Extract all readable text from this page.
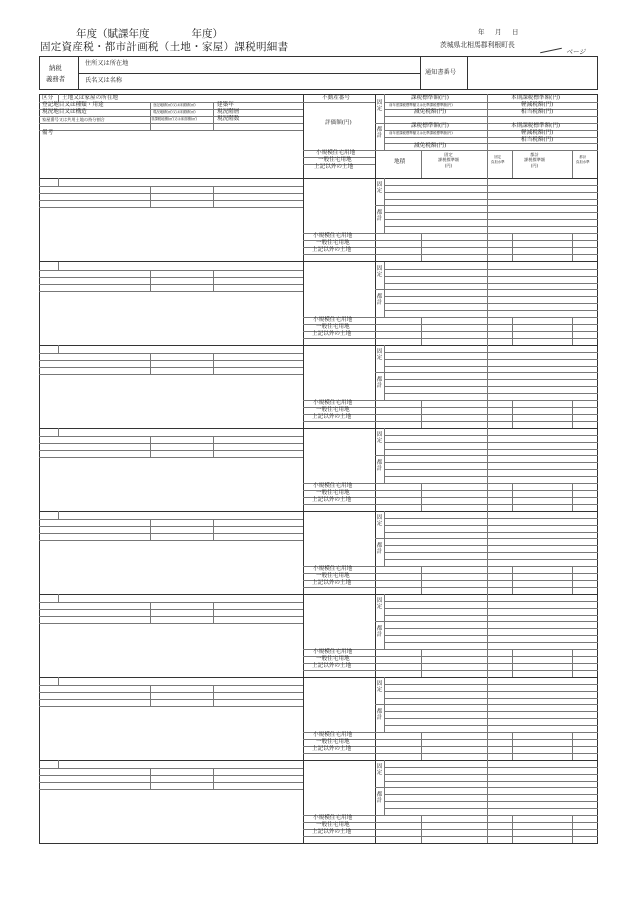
年度（賦課年度　　　　年度）
固定資産税・都市計画税（土地・家屋）課税明細書
年　月　日
茨城県北相馬郡利根町長
ページ
納税
義務者
住所又は所在地
氏名又は名称
通知書番号
区分 土地又は家屋の所在地
登記地目又は種類・用途
現況地目又は構造
家屋番号又は共用土地の持分割合
備考
登記地積(㎡)又は床面積(㎡)
現況地積(㎡)又は床面積(㎡)
非課税地積(㎡)又は床面積(㎡)
建築年
現況階層
現況階数
不動産番号
評価額(円)
小規模住宅用地
一般住宅用地
上記以外の土地
固定
都計
課税標準額(円)
前年度課税標準額又は比準課税標準額(円)
減免税額(円)
課税標準額(円)
前年度課税標準額又は比準課税標準額(円)
減免税額(円)
本則課税標準額(円)
軽減税額(円)
相当税額(円)
本則課税標準額(円)
軽減税額(円)
相当税額(円)
地積
固定
課税標準額
(円)
固定
負担水準
都計
課税標準額
(円)
都計
負担水準
小規模住宅用地
一般住宅用地
上記以外の土地
固定
都計
小規模住宅用地
一般住宅用地
上記以外の土地
固定
都計
小規模住宅用地
一般住宅用地
上記以外の土地
固定
都計
小規模住宅用地
一般住宅用地
上記以外の土地
固定
都計
小規模住宅用地
一般住宅用地
上記以外の土地
固定
都計
小規模住宅用地
一般住宅用地
上記以外の土地
固定
都計
小規模住宅用地
一般住宅用地
上記以外の土地
固定
都計
小規模住宅用地
一般住宅用地
上記以外の土地
固定
都計
